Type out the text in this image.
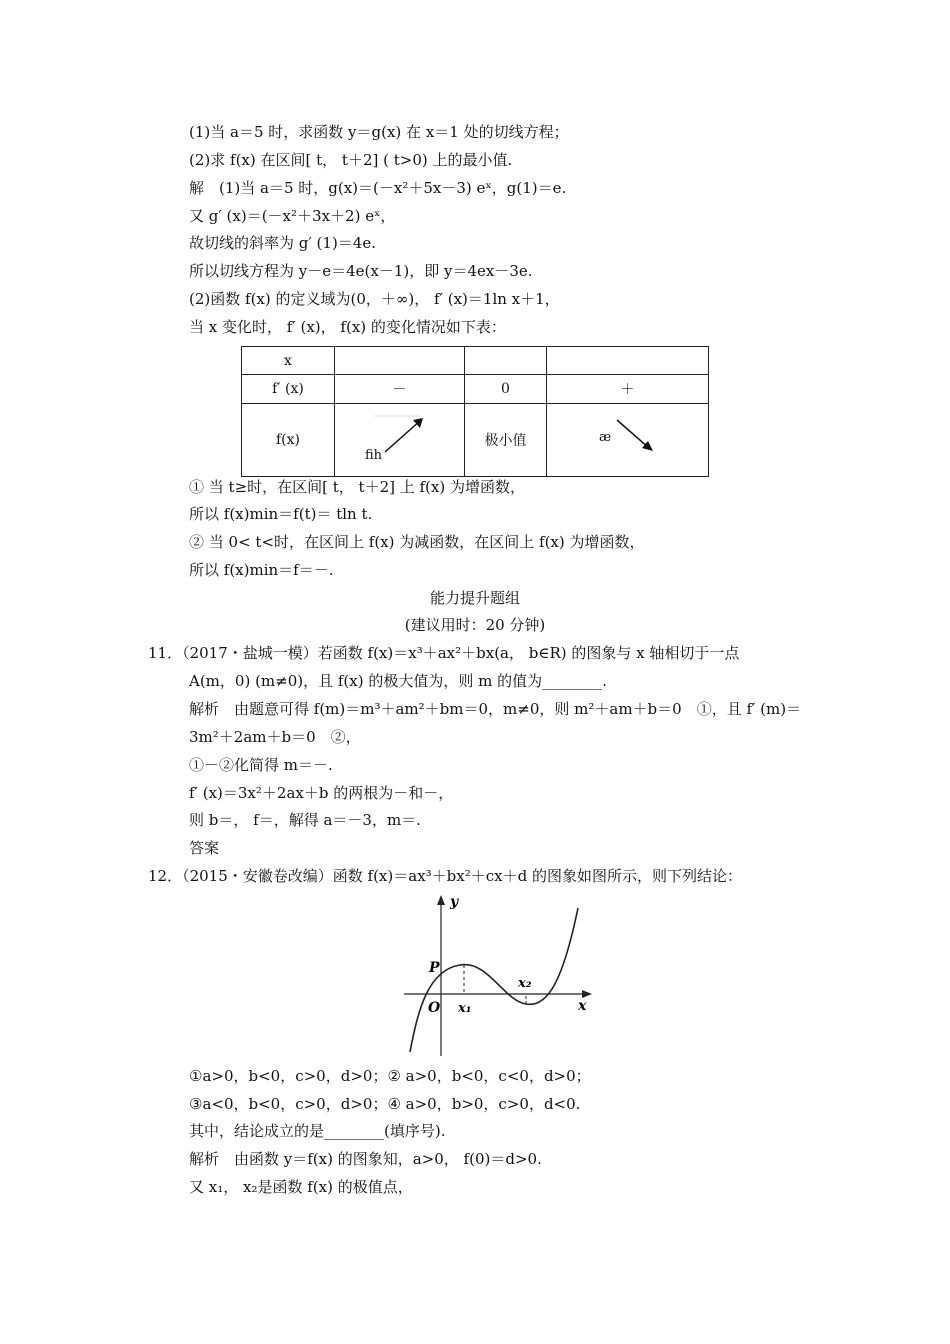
(1)当 a＝5 时，求函数 y＝g(x) 在 x＝1 处的切线方程；
(2)求 f(x) 在区间[ t， t＋2] ( t>0) 上的最小值.
解　(1)当 a＝5 时，g(x)＝(－x²＋5x－3) eˣ，g(1)＝e.
又 g′ (x)＝(－x²＋3x＋2) eˣ，
故切线的斜率为 g′ (1)＝4e.
所以切线方程为 y－e＝4e(x－1)，即 y＝4ex－3e.
(2)函数 f(x) 的定义域为(0，＋∞)， f′ (x)＝1ln x＋1，
当 x 变化时， f′ (x)， f(x) 的变化情况如下表：
x			
f′ (x)	－	0	＋
f(x)	ﬁh	极小值	æ
① 当 t≥时，在区间[ t， t＋2] 上 f(x) 为增函数，
所以 f(x)min＝f(t)＝ tln t.
② 当 0< t<时，在区间上 f(x) 为减函数，在区间上 f(x) 为增函数，
所以 f(x)min＝f＝－.
能力提升题组
(建议用时：20 分钟)
11．（2017・盐城一模）若函数 f(x)＝x³＋ax²＋bx(a， b∈R) 的图象与 x 轴相切于一点
A(m，0) (m≠0)，且 f(x) 的极大值为，则 m 的值为________.
解析　由题意可得 f(m)＝m³＋am²＋bm＝0，m≠0，则 m²＋am＋b＝0　①，且 f′ (m)＝
3m²＋2am＋b＝0　②，
①－②化简得 m＝－.
f′ (x)＝3x²＋2ax＋b 的两根为－和－，
则 b＝， f＝，解得 a＝－3，m＝.
答案
12．（2015・安徽卷改编）函数 f(x)＝ax³＋bx²＋cx＋d 的图象如图所示，则下列结论：
y
x
P
O x₁
x₂
①a>0，b<0，c>0，d>0；② a>0，b<0，c<0，d>0；
③a<0，b<0，c>0，d>0；④ a>0，b>0，c>0，d<0.
其中，结论成立的是________(填序号).
解析　由函数 y＝f(x) 的图象知，a>0， f(0)＝d>0.
又 x₁， x₂是函数 f(x) 的极值点，
